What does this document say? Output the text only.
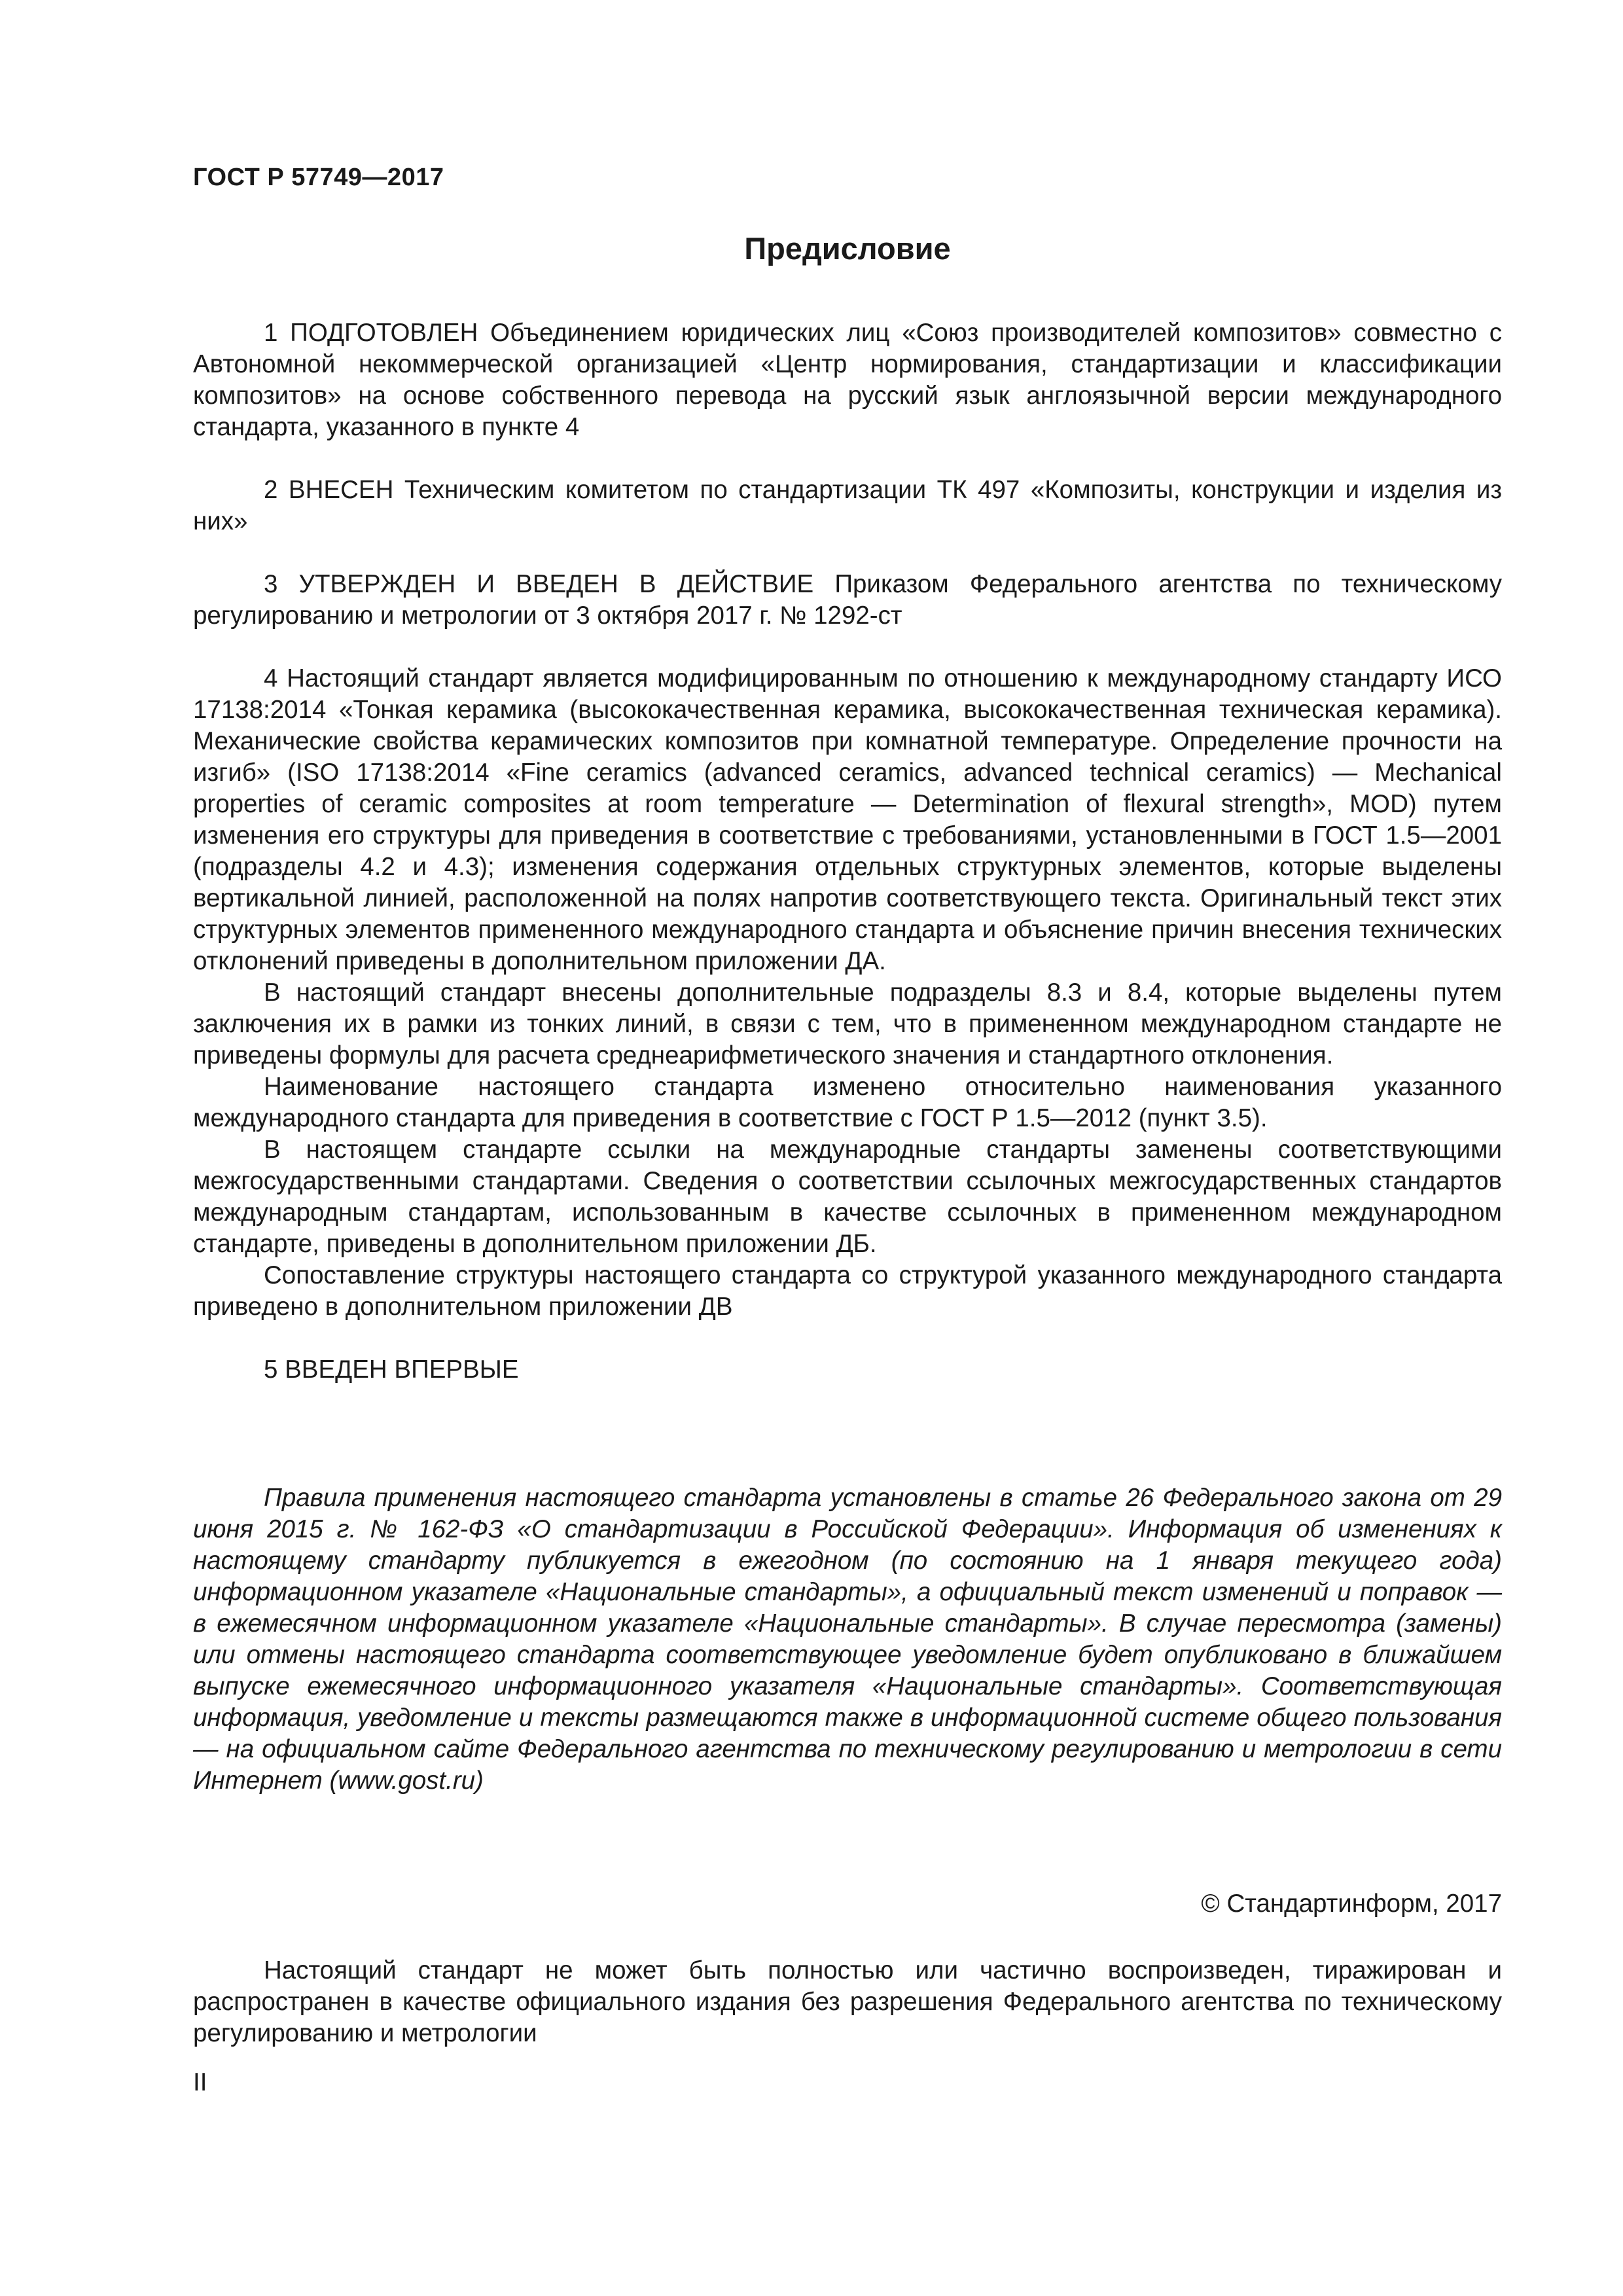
ГОСТ Р 57749—2017
Предисловие

1 ПОДГОТОВЛЕН Объединением юридических лиц «Союз производителей композитов» совместно с Автономной некоммерческой организацией «Центр нормирования, стандартизации и классификации композитов» на основе собственного перевода на русский язык англоязычной версии международного стандарта, указанного в пункте 4

2 ВНЕСЕН Техническим комитетом по стандартизации ТК 497 «Композиты, конструкции и изделия из них»

3 УТВЕРЖДЕН И ВВЕДЕН В ДЕЙСТВИЕ Приказом Федерального агентства по техническому регулированию и метрологии от 3 октября 2017 г. № 1292-ст

4 Настоящий стандарт является модифицированным по отношению к международному стандарту ИСО 17138:2014 «Тонкая керамика (высококачественная керамика, высококачественная техническая керамика). Механические свойства керамических композитов при комнатной температуре. Определение прочности на изгиб» (ISO 17138:2014 «Fine ceramics (advanced ceramics, advanced technical ceramics) — Mechanical properties of ceramic composites at room temperature — Determination of flexural strength», MOD) путем изменения его структуры для приведения в соответствие с требованиями, установленными в ГОСТ 1.5—2001 (подразделы 4.2 и 4.3); изменения содержания отдельных структурных элементов, которые выделены вертикальной линией, расположенной на полях напротив соответствующего текста. Оригинальный текст этих структурных элементов примененного международного стандарта и объяснение причин внесения технических отклонений приведены в дополнительном приложении ДА.

В настоящий стандарт внесены дополнительные подразделы 8.3 и 8.4, которые выделены путем заключения их в рамки из тонких линий, в связи с тем, что в примененном международном стандарте не приведены формулы для расчета среднеарифметического значения и стандартного отклонения.

Наименование настоящего стандарта изменено относительно наименования указанного международного стандарта для приведения в соответствие с ГОСТ Р 1.5—2012 (пункт 3.5).

В настоящем стандарте ссылки на международные стандарты заменены соответствующими межгосударственными стандартами. Сведения о соответствии ссылочных межгосударственных стандартов международным стандартам, использованным в качестве ссылочных в примененном международном стандарте, приведены в дополнительном приложении ДБ.

Сопоставление структуры настоящего стандарта со структурой указанного международного стандарта приведено в дополнительном приложении ДВ

5 ВВЕДЕН ВПЕРВЫЕ

Правила применения настоящего стандарта установлены в статье 26 Федерального закона от 29 июня 2015 г. № 162-ФЗ «О стандартизации в Российской Федерации». Информация об изменениях к настоящему стандарту публикуется в ежегодном (по состоянию на 1 января текущего года) информационном указателе «Национальные стандарты», а официальный текст изменений и поправок — в ежемесячном информационном указателе «Национальные стандарты». В случае пересмотра (замены) или отмены настоящего стандарта соответствующее уведомление будет опубликовано в ближайшем выпуске ежемесячного информационного указателя «Национальные стандарты». Соответствующая информация, уведомление и тексты размещаются также в информационной системе общего пользования — на официальном сайте Федерального агентства по техническому регулированию и метрологии в сети Интернет (www.gost.ru)

© Стандартинформ, 2017

Настоящий стандарт не может быть полностью или частично воспроизведен, тиражирован и распространен в качестве официального издания без разрешения Федерального агентства по техническому регулированию и метрологии

II
